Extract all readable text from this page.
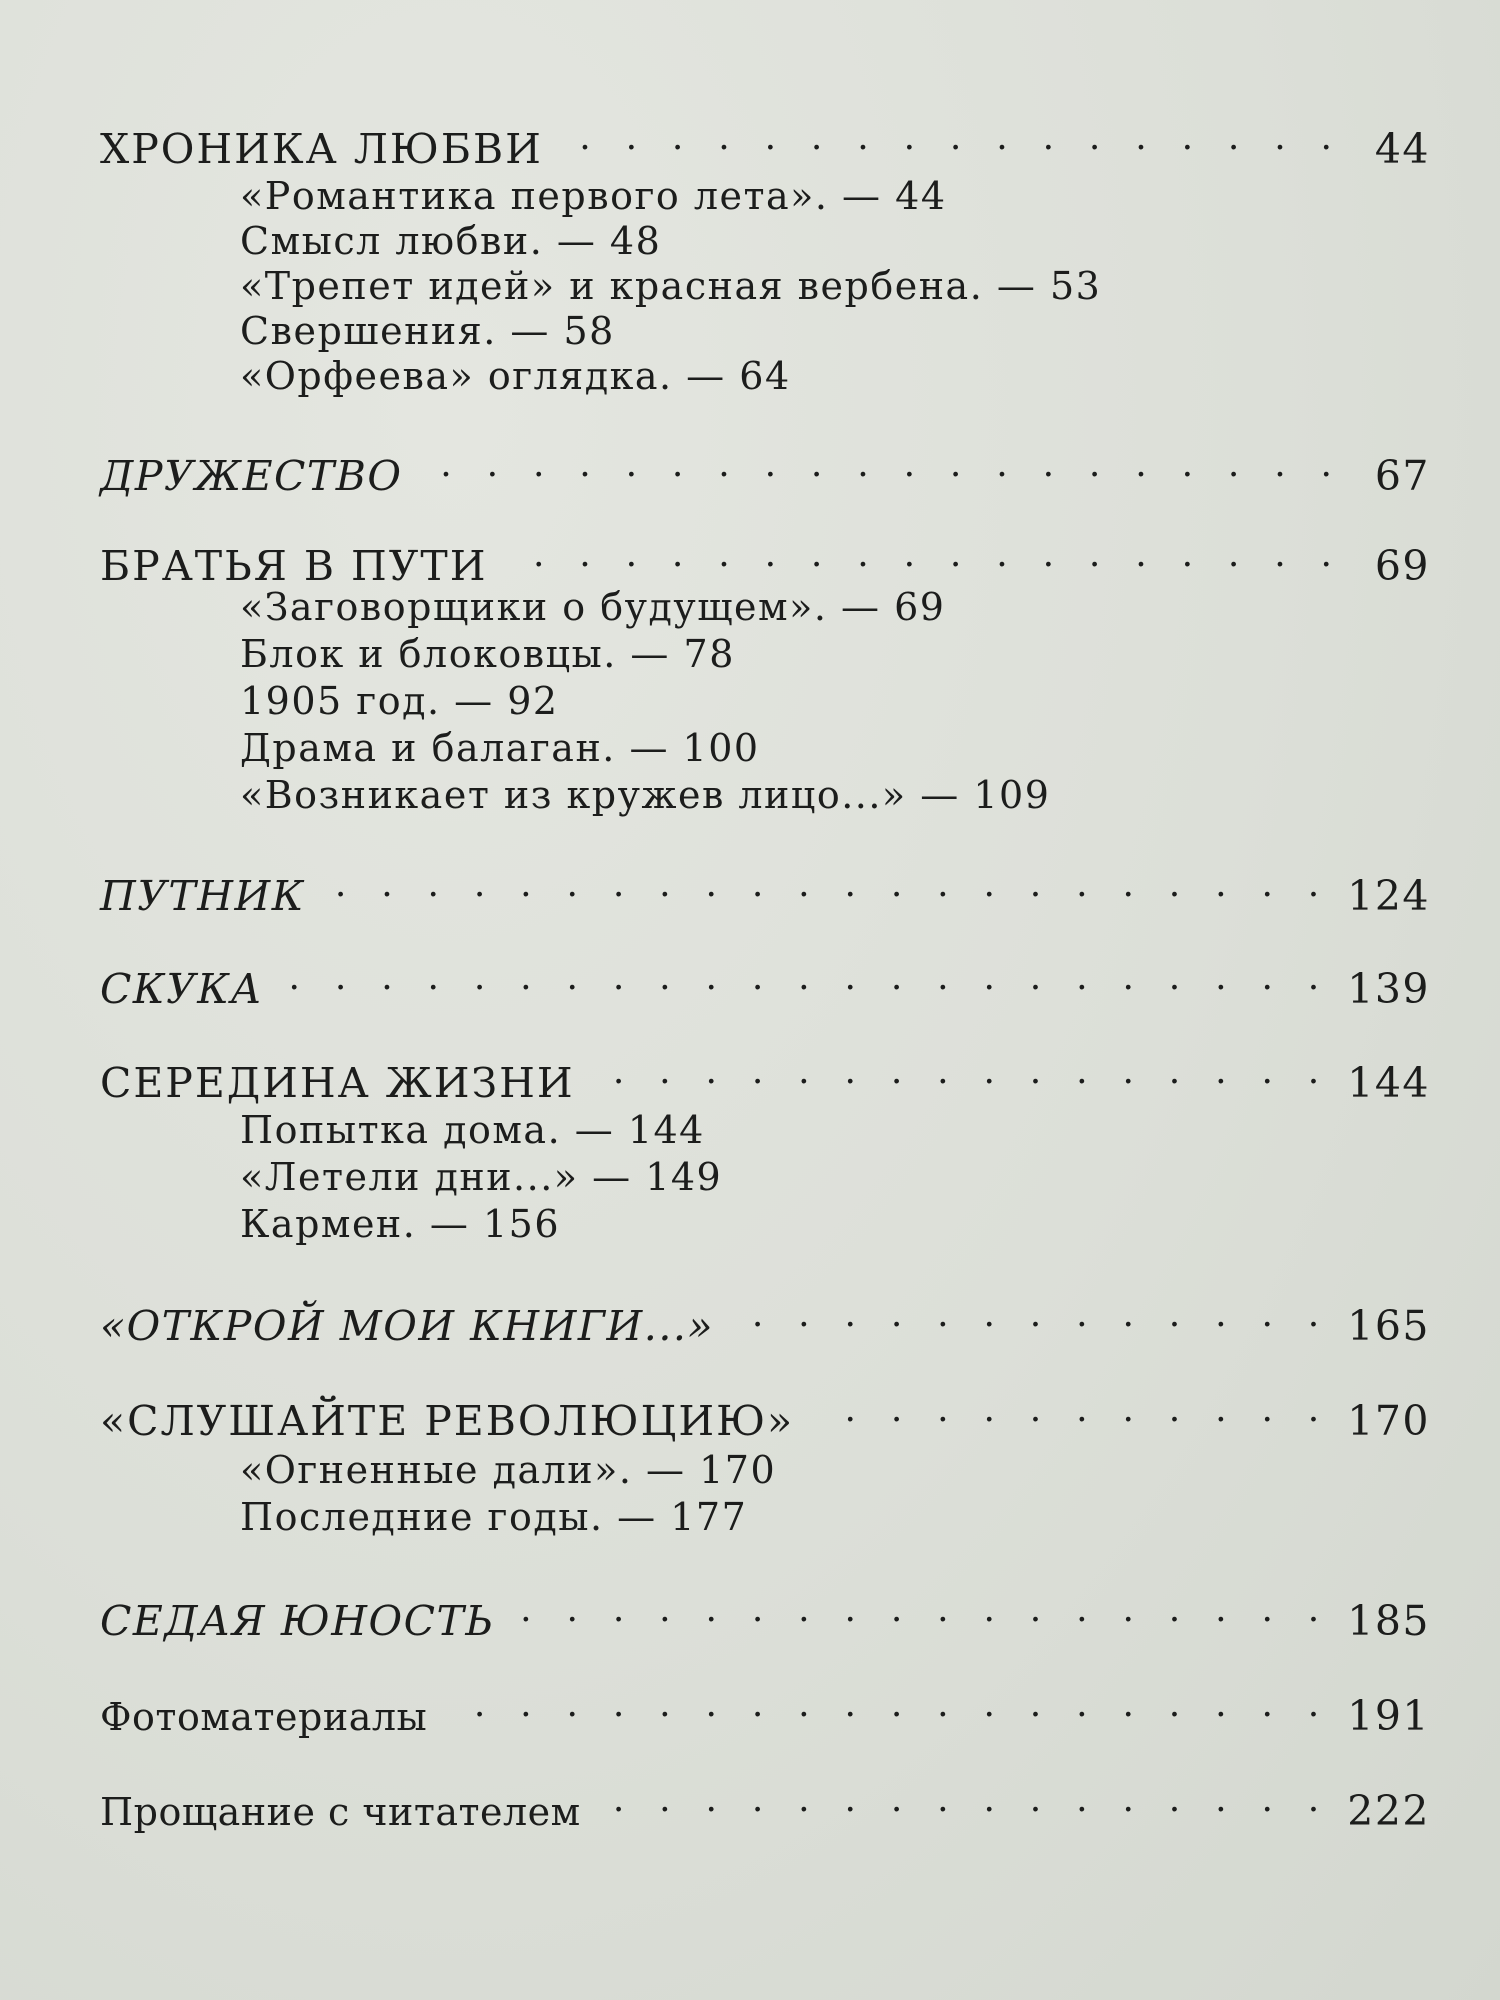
ХРОНИКА ЛЮБВИ . .	44
«Романтика первого лета». — 44
Смысл любви. — 48
«Трепет идей» и красная вербена. — 53
Свершения. — 58
«Орфеева» оглядка. — 64
ДРУЖЕСТВО . .	67
БРАТЬЯ В ПУТИ . .	69
«Заговорщики о будущем». — 69
Блок и блоковцы. — 78
1905 год. — 92
Драма и балаган. — 100
«Возникает из кружев лицо...» — 109
ПУТНИК . .	124
СКУКА . .	139
СЕРЕДИНА ЖИЗНИ . .	144
Попытка дома. — 144
«Летели дни...» — 149
Кармен. — 156
«ОТКРОЙ МОИ КНИГИ...» . .	165
«СЛУШАЙТЕ РЕВОЛЮЦИЮ» . .	170
«Огненные дали». — 170
Последние годы. — 177
СЕДАЯ ЮНОСТЬ . .	185
Фотоматериалы . .	191
Прощание с читателем . .	222
